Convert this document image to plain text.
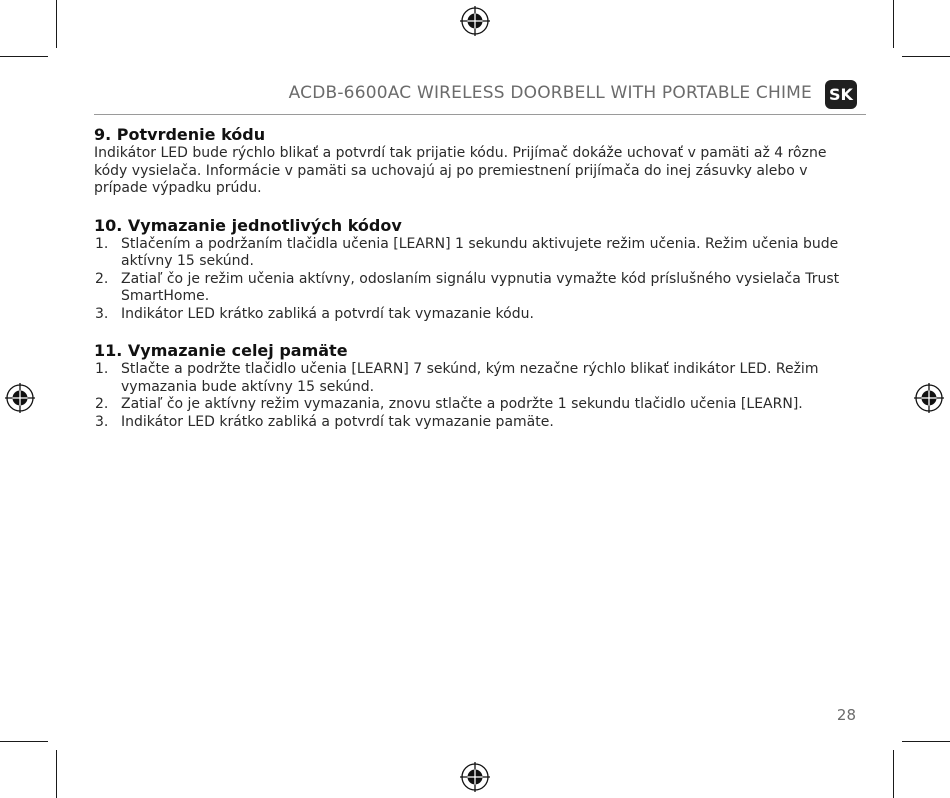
ACDB-6600AC WIRELESS DOORBELL WITH PORTABLE CHIME SK
9. Potvrdenie kódu
Indikátor LED bude rýchlo blikať a potvrdí tak prijatie kódu. Prijímač dokáže uchovať v pamäti až 4 rôzne kódy vysielača. Informácie v pamäti sa uchovajú aj po premiestnení prijímača do inej zásuvky alebo v prípade výpadku prúdu.
10. Vymazanie jednotlivých kódov
1. Stlačením a podržaním tlačidla učenia [LEARN] 1 sekundu aktivujete režim učenia. Režim učenia bude aktívny 15 sekúnd.
2. Zatiaľ čo je režim učenia aktívny, odoslaním signálu vypnutia vymažte kód príslušného vysielača Trust SmartHome.
3. Indikátor LED krátko zabliká a potvrdí tak vymazanie kódu.
11. Vymazanie celej pamäte
1. Stlačte a podržte tlačidlo učenia [LEARN] 7 sekúnd, kým nezačne rýchlo blikať indikátor LED. Režim vymazania bude aktívny 15 sekúnd.
2. Zatiaľ čo je aktívny režim vymazania, znovu stlačte a podržte 1 sekundu tlačidlo učenia [LEARN].
3. Indikátor LED krátko zabliká a potvrdí tak vymazanie pamäte.
28
